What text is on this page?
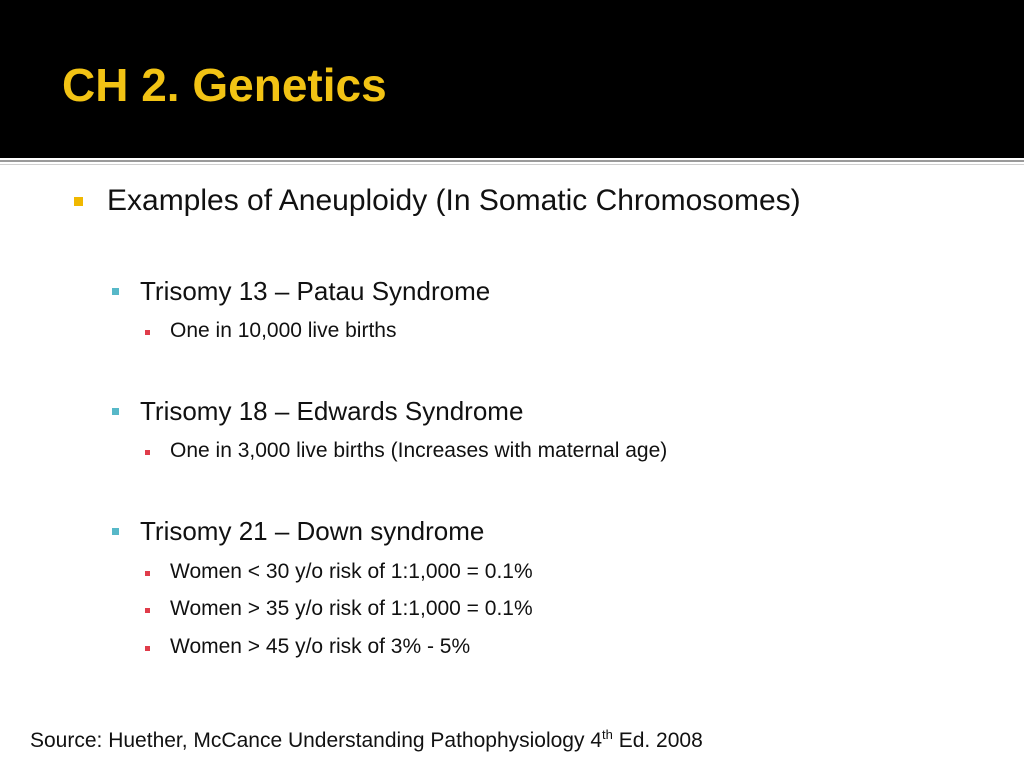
CH 2. Genetics
Examples of Aneuploidy (In Somatic Chromosomes)
Trisomy 13 – Patau Syndrome
One in 10,000 live births
Trisomy 18 – Edwards Syndrome
One in 3,000 live births (Increases with maternal age)
Trisomy 21 – Down syndrome
Women < 30 y/o risk of 1:1,000 = 0.1%
Women > 35 y/o risk of 1:1,000 = 0.1%
Women > 45 y/o risk of 3% - 5%
Source: Huether, McCance Understanding Pathophysiology 4th Ed. 2008
